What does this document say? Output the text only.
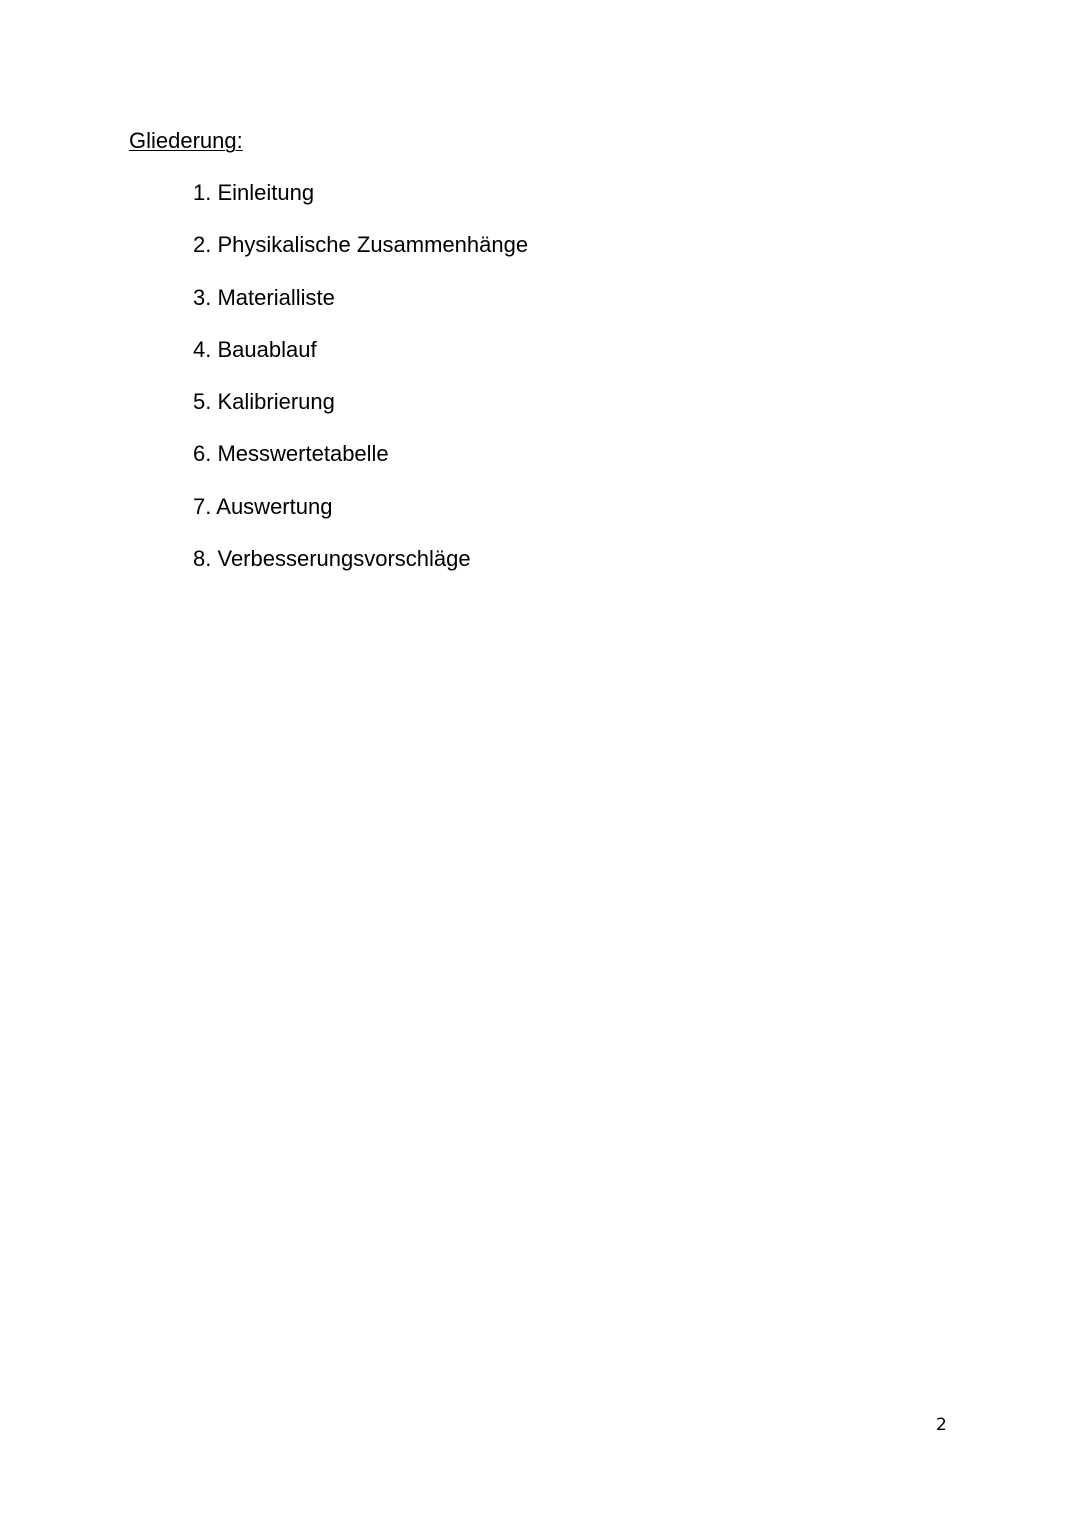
Gliederung:
1. Einleitung
2. Physikalische Zusammenhänge
3. Materialliste
4. Bauablauf
5. Kalibrierung
6. Messwertetabelle
7. Auswertung
8. Verbesserungsvorschläge
2
